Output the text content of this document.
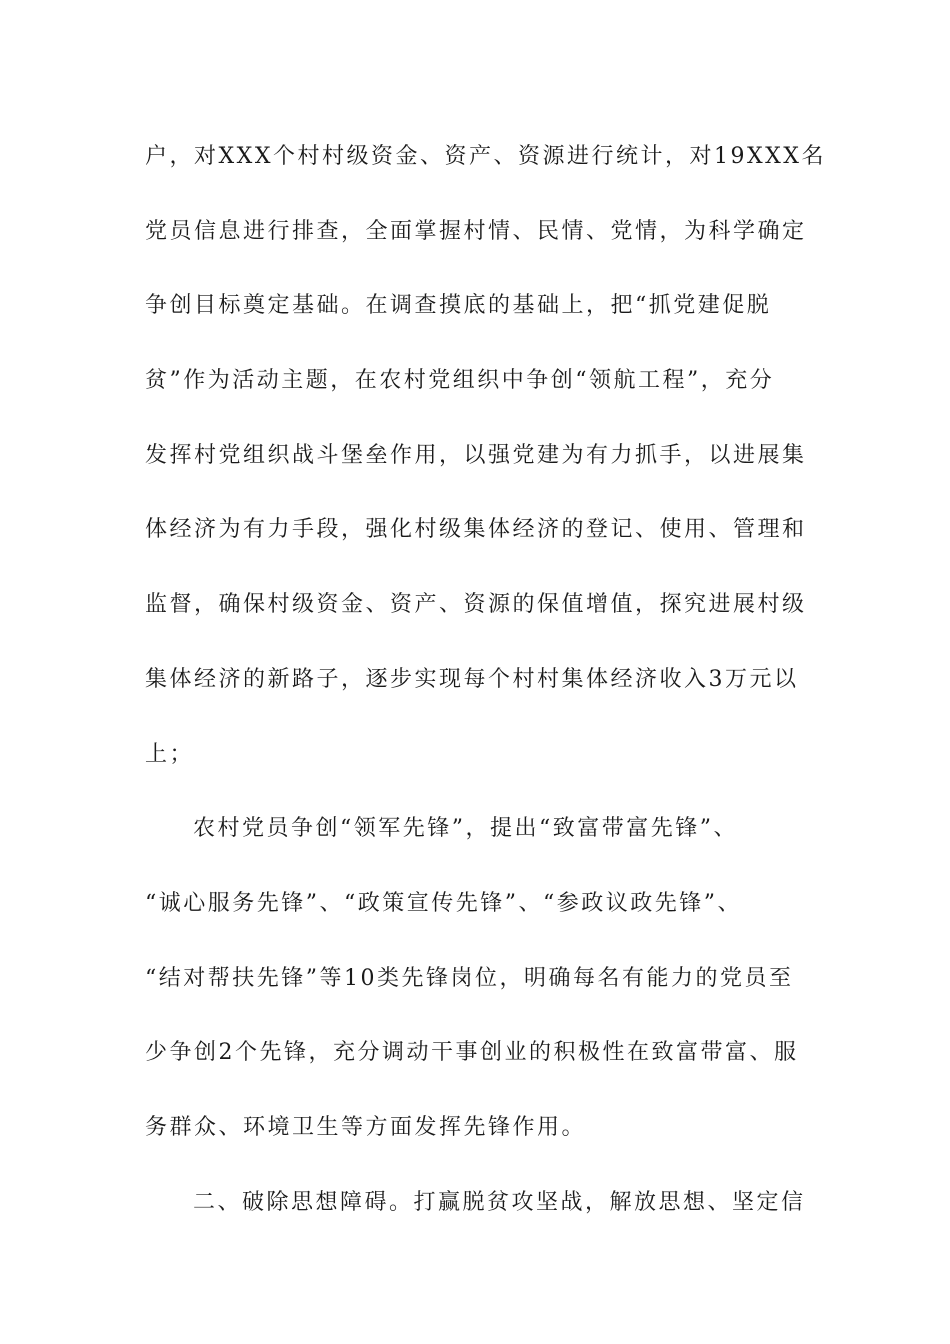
户，对XXX个村村级资金、资产、资源进行统计，对19XXX名
党员信息进行排查，全面掌握村情、民情、党情，为科学确定
争创目标奠定基础。在调查摸底的基础上，把“抓党建促脱
贫”作为活动主题，在农村党组织中争创“领航工程”，充分
发挥村党组织战斗堡垒作用，以强党建为有力抓手，以进展集
体经济为有力手段，强化村级集体经济的登记、使用、管理和
监督，确保村级资金、资产、资源的保值增值，探究进展村级
集体经济的新路子，逐步实现每个村村集体经济收入3万元以
上；
农村党员争创“领军先锋”，提出“致富带富先锋”、
“诚心服务先锋”、“政策宣传先锋”、“参政议政先锋”、
“结对帮扶先锋”等10类先锋岗位，明确每名有能力的党员至
少争创2个先锋，充分调动干事创业的积极性在致富带富、服
务群众、环境卫生等方面发挥先锋作用。
二、破除思想障碍。打赢脱贫攻坚战，解放思想、坚定信
